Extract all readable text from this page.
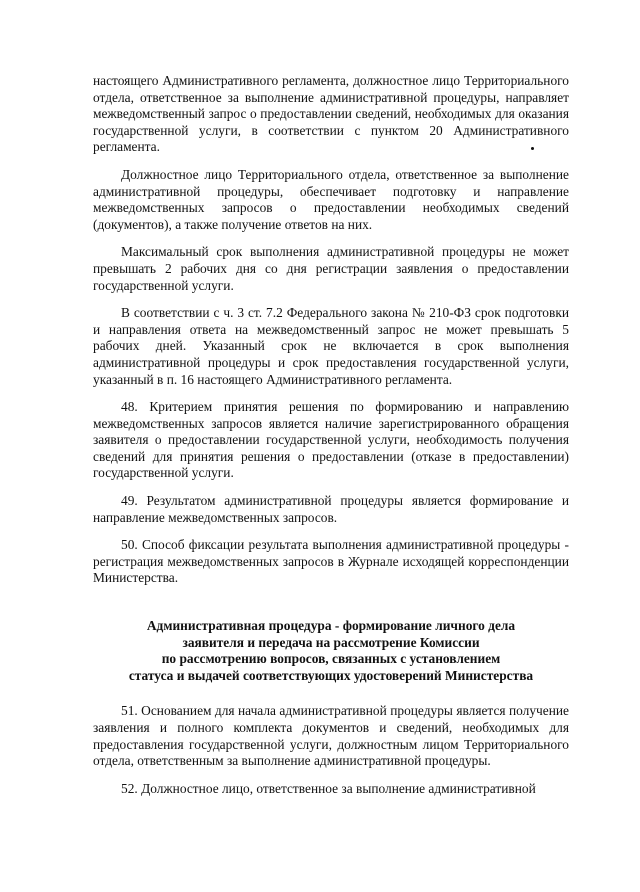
настоящего Административного регламента, должностное лицо Территориального отдела, ответственное за выполнение административной процедуры, направляет межведомственный запрос о предоставлении сведений, необходимых для оказания государственной услуги, в соответствии с пунктом 20 Административного регламента.

Должностное лицо Территориального отдела, ответственное за выполнение административной процедуры, обеспечивает подготовку и направление межведомственных запросов о предоставлении необходимых сведений (документов), а также получение ответов на них.

Максимальный срок выполнения административной процедуры не может превышать 2 рабочих дня со дня регистрации заявления о предоставлении государственной услуги.

В соответствии с ч. 3 ст. 7.2 Федерального закона № 210-ФЗ срок подготовки и направления ответа на межведомственный запрос не может превышать 5 рабочих дней. Указанный срок не включается в срок выполнения административной процедуры и срок предоставления государственной услуги, указанный в п. 16 настоящего Административного регламента.

48. Критерием принятия решения по формированию и направлению межведомственных запросов является наличие зарегистрированного обращения заявителя о предоставлении государственной услуги, необходимость получения сведений для принятия решения о предоставлении (отказе в предоставлении) государственной услуги.

49. Результатом административной процедуры является формирование и направление межведомственных запросов.

50. Способ фиксации результата выполнения административной процедуры - регистрация межведомственных запросов в Журнале исходящей корреспонденции Министерства.

Административная процедура - формирование личного дела
заявителя и передача на рассмотрение Комиссии
по рассмотрению вопросов, связанных с установлением
статуса и выдачей соответствующих удостоверений Министерства

51. Основанием для начала административной процедуры является получение заявления и полного комплекта документов и сведений, необходимых для предоставления государственной услуги, должностным лицом Территориального отдела, ответственным за выполнение административной процедуры.

52. Должностное лицо, ответственное за выполнение административной
